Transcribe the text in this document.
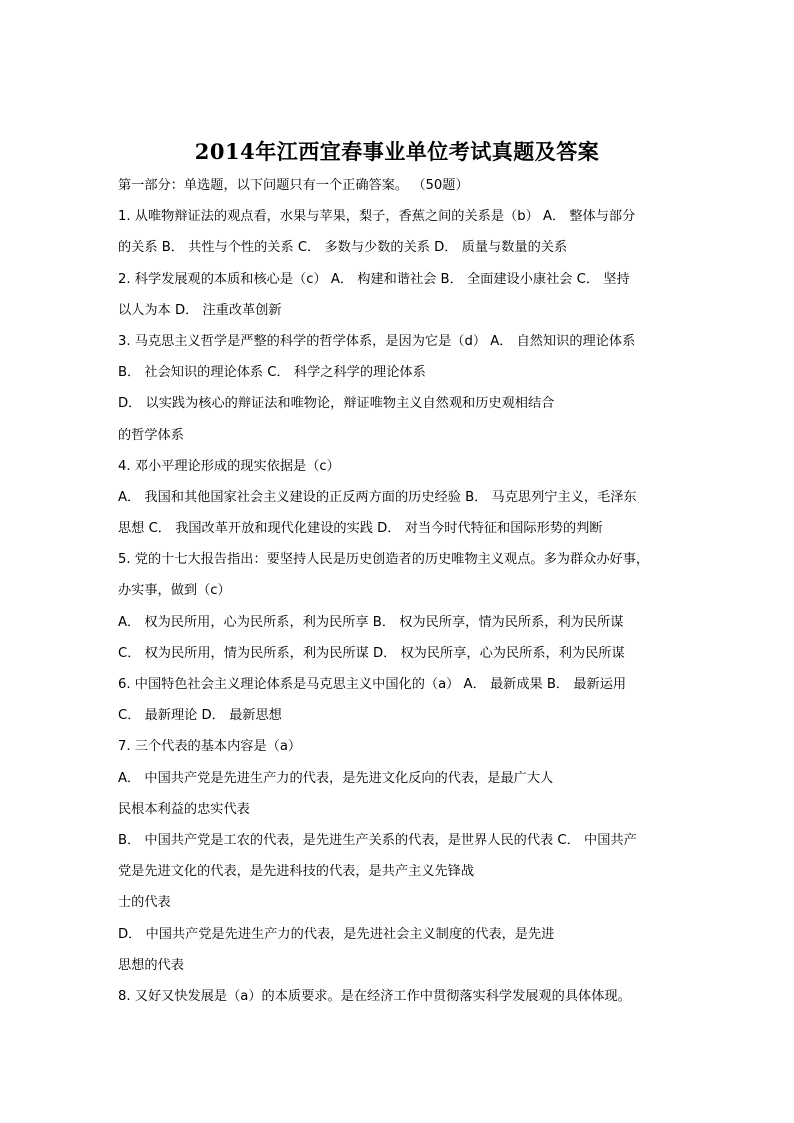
2014年江西宜春事业单位考试真题及答案
第一部分：单选题，以下问题只有一个正确答案。 （50题）
1. 从唯物辩证法的观点看，水果与苹果，梨子，香蕉之间的关系是（b） A． 整体与部分
的关系 B． 共性与个性的关系 C． 多数与少数的关系 D． 质量与数量的关系
2. 科学发展观的本质和核心是（c） A． 构建和谐社会 B． 全面建设小康社会 C． 坚持
以人为本 D． 注重改革创新
3. 马克思主义哲学是严整的科学的哲学体系，是因为它是（d） A． 自然知识的理论体系
B． 社会知识的理论体系 C． 科学之科学的理论体系
D． 以实践为核心的辩证法和唯物论，辩证唯物主义自然观和历史观相结合
的哲学体系
4. 邓小平理论形成的现实依据是（c）
A． 我国和其他国家社会主义建设的正反两方面的历史经验 B． 马克思列宁主义，毛泽东
思想 C． 我国改革开放和现代化建设的实践 D． 对当今时代特征和国际形势的判断
5. 党的十七大报告指出：要坚持人民是历史创造者的历史唯物主义观点。多为群众办好事，
办实事，做到（c）
A． 权为民所用，心为民所系，利为民所享 B． 权为民所享，情为民所系，利为民所谋
C． 权为民所用，情为民所系，利为民所谋 D． 权为民所享，心为民所系，利为民所谋
6. 中国特色社会主义理论体系是马克思主义中国化的（a） A． 最新成果 B． 最新运用
C． 最新理论 D． 最新思想
7. 三个代表的基本内容是（a）
A． 中国共产党是先进生产力的代表，是先进文化反向的代表，是最广大人
民根本利益的忠实代表
B． 中国共产党是工农的代表，是先进生产关系的代表，是世界人民的代表 C． 中国共产
党是先进文化的代表，是先进科技的代表，是共产主义先锋战
士的代表
D． 中国共产党是先进生产力的代表，是先进社会主义制度的代表，是先进
思想的代表
8. 又好又快发展是（a）的本质要求。是在经济工作中贯彻落实科学发展观的具体体现。
